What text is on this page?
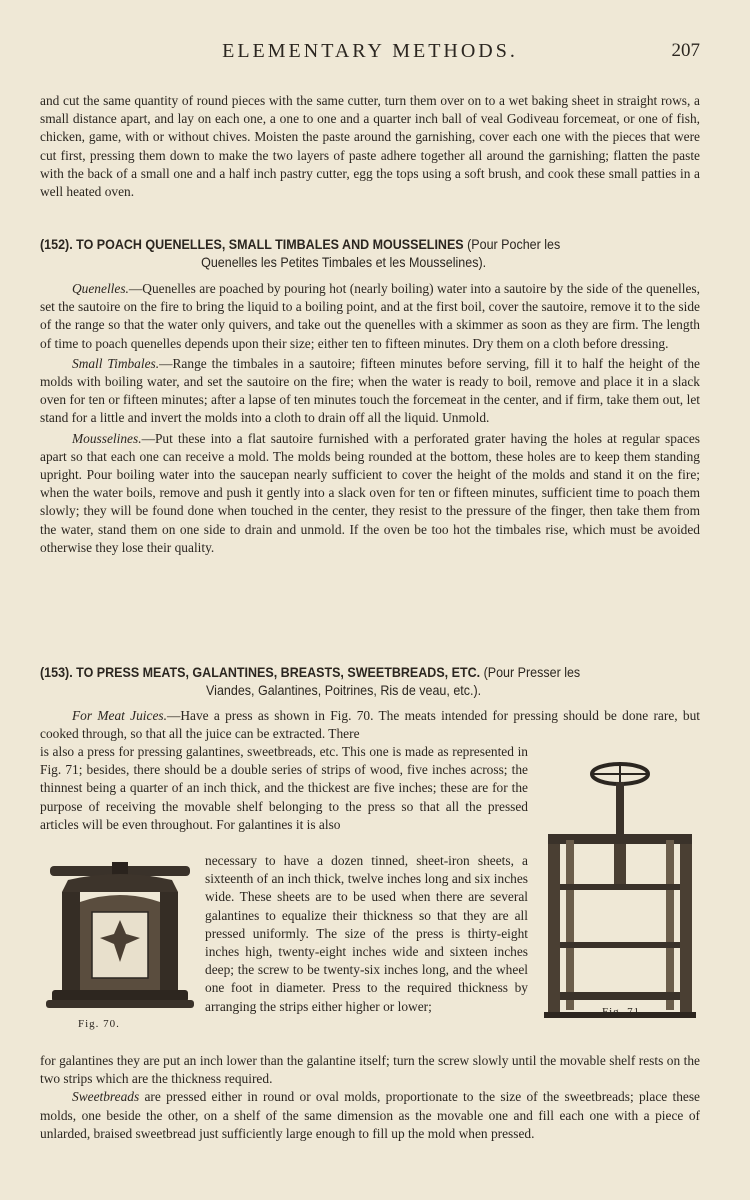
ELEMENTARY METHODS.	207

and cut the same quantity of round pieces with the same cutter, turn them over on to a wet baking sheet in straight rows, a small distance apart, and lay on each one, a one to one and a quarter inch ball of veal Godiveau forcemeat, or one of fish, chicken, game, with or without chives. Moisten the paste around the garnishing, cover each one with the pieces that were cut first, pressing them down to make the two layers of paste adhere together all around the garnishing; flatten the paste with the back of a small one and a half inch pastry cutter, egg the tops using a soft brush, and cook these small patties in a well heated oven.

(152). TO POACH QUENELLES, SMALL TIMBALES AND MOUSSELINES (Pour Pocher les
Quenelles les Petites Timbales et les Mousselines).

Quenelles.—Quenelles are poached by pouring hot (nearly boiling) water into a sautoire by the side of the quenelles, set the sautoire on the fire to bring the liquid to a boiling point, and at the first boil, cover the sautoire, remove it to the side of the range so that the water only quivers, and take out the quenelles with a skimmer as soon as they are firm. The length of time to poach quenelles depends upon their size; either ten to fifteen minutes. Dry them on a cloth before dressing.

Small Timbales.—Range the timbales in a sautoire; fifteen minutes before serving, fill it to half the height of the molds with boiling water, and set the sautoire on the fire; when the water is ready to boil, remove and place it in a slack oven for ten or fifteen minutes; after a lapse of ten minutes touch the forcemeat in the center, and if firm, take them out, let stand for a little and invert the molds into a cloth to drain off all the liquid. Unmold.

Mousselines.—Put these into a flat sautoire furnished with a perforated grater having the holes at regular spaces apart so that each one can receive a mold. The molds being rounded at the bottom, these holes are to keep them standing upright. Pour boiling water into the saucepan nearly sufficient to cover the height of the molds and stand it on the fire; when the water boils, remove and push it gently into a slack oven for ten or fifteen minutes, sufficient time to poach them slowly; they will be found done when touched in the center, they resist to the pressure of the finger, then take them from the water, stand them on one side to drain and unmold. If the oven be too hot the timbales rise, which must be avoided otherwise they lose their quality.

(153). TO PRESS MEATS, GALANTINES, BREASTS, SWEETBREADS, ETC. (Pour Presser les
Viandes, Galantines, Poitrines, Ris de veau, etc.).

For Meat Juices.—Have a press as shown in Fig. 70. The meats intended for pressing should be done rare, but cooked through, so that all the juice can be extracted. There

is also a press for pressing galantines, sweetbreads, etc. This one is made as represented in Fig. 71; besides, there should be a double series of strips of wood, five inches across; the thinnest being a quarter of an inch thick, and the thickest are five inches; these are for the purpose of receiving the movable shelf belonging to the press so that all the pressed articles will be even throughout. For galantines it is also

necessary to have a dozen tinned, sheet-iron sheets, a sixteenth of an inch thick, twelve inches long and six inches wide. These sheets are to be used when there are several galantines to equalize their thickness so that they are all pressed uniformly. The size of the press is thirty-eight inches high, twenty-eight inches wide and sixteen inches deep; the screw to be twenty-six inches long, and the wheel one foot in diameter. Press to the required thickness by arranging the strips either higher or lower;

Fig. 70.
Fig. 71.

for galantines they are put an inch lower than the galantine itself; turn the screw slowly until the movable shelf rests on the two strips which are the thickness required.

Sweetbreads are pressed either in round or oval molds, proportionate to the size of the sweetbreads; place these molds, one beside the other, on a shelf of the same dimension as the movable one and fill each one with a piece of unlarded, braised sweetbread just sufficiently large enough to fill up the mold when pressed.
